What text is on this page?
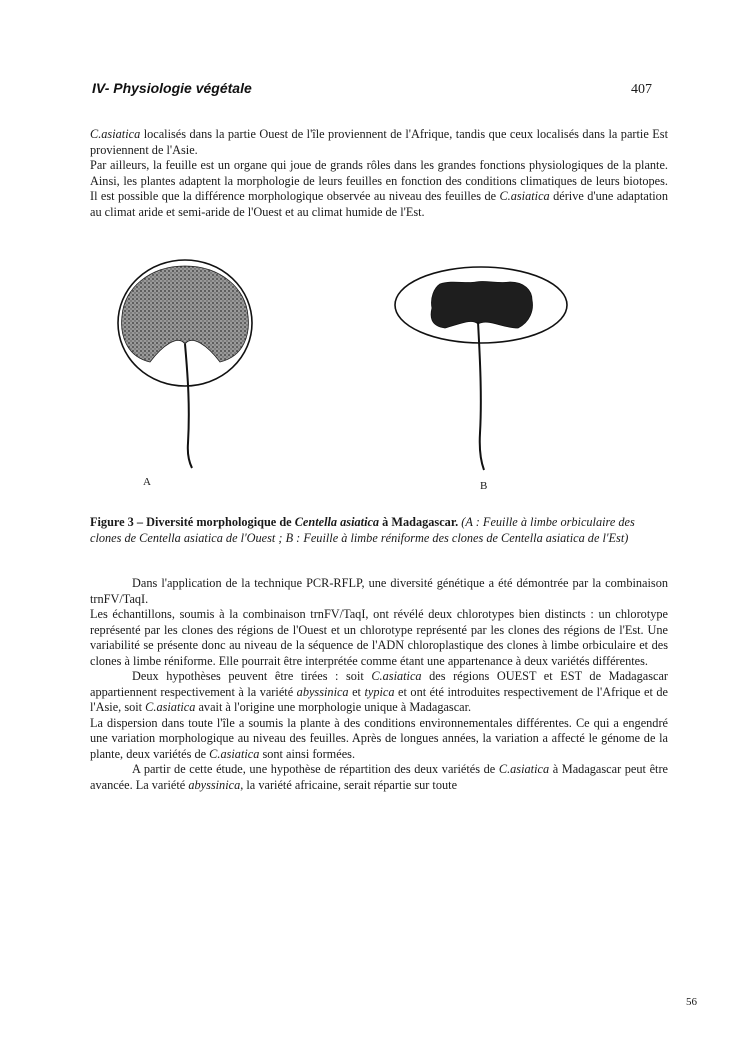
IV- Physiologie végétale	407

C.asiatica localisés dans la partie Ouest de l'île proviennent de l'Afrique, tandis que ceux localisés dans la partie Est proviennent de l'Asie.

Par ailleurs, la feuille est un organe qui joue de grands rôles dans les grandes fonctions physiologiques de la plante. Ainsi, les plantes adaptent la morphologie de leurs feuilles en fonction des conditions climatiques de leurs biotopes. Il est possible que la différence morphologique observée au niveau des feuilles de C.asiatica dérive d'une adaptation au climat aride et semi-aride de l'Ouest et au climat humide de l'Est.

A	B

Figure 3 – Diversité morphologique de Centella asiatica à Madagascar. (A : Feuille à limbe orbiculaire des clones de Centella asiatica de l'Ouest ; B : Feuille à limbe réniforme des clones de Centella asiatica de l'Est)

Dans l'application de la technique PCR-RFLP, une diversité génétique a été démontrée par la combinaison trnFV/TaqI.

Les échantillons, soumis à la combinaison trnFV/TaqI, ont révélé deux chlorotypes bien distincts : un chlorotype représenté par les clones des régions de l'Ouest et un chlorotype représenté par les clones des régions de l'Est. Une variabilité se présente donc au niveau de la séquence de l'ADN chloroplastique des clones à limbe orbiculaire et des clones à limbe réniforme. Elle pourrait être interprétée comme étant une appartenance à deux variétés différentes.

Deux hypothèses peuvent être tirées : soit C.asiatica des régions OUEST et EST de Madagascar appartiennent respectivement à la variété abyssinica et typica et ont été introduites respectivement de l'Afrique et de l'Asie, soit C.asiatica avait à l'origine une morphologie unique à Madagascar.

La dispersion dans toute l'île a soumis la plante à des conditions environnementales différentes. Ce qui a engendré une variation morphologique au niveau des feuilles. Après de longues années, la variation a affecté le génome de la plante, deux variétés de C.asiatica sont ainsi formées.

A partir de cette étude, une hypothèse de répartition des deux variétés de C.asiatica à Madagascar peut être avancée. La variété abyssinica, la variété africaine, serait répartie sur toute

56
